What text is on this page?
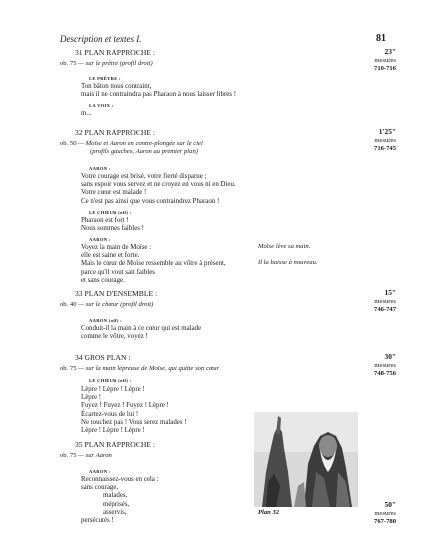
Description et textes I.	81
31 PLAN RAPPROCHE :
ob. 75 — sur le prêtre (profil droit)
23"
mesures
710-716
LE PRÊTRE :
Ton bâton nous contraint,
mais il ne contraindra pas Pharaon à nous laisser libres !
LA VOIX :
m...
32 PLAN RAPPROCHE :
ob. 50 — Moïse et Aaron en contre-plongée sur le ciel
(profils gauches, Aaron au premier plan)
1'25"
mesures
716-745
AARON :
Votre courage est brisé, votre fierté disparue ;
sans espoir vous servez et ne croyez en vous ni en Dieu.
Votre cœur est malade !
Ce n'est pas ainsi que vous contraindrez Pharaon !
LE CHŒUR (off) :
Pharaon est fort !
Nous sommes faibles !
AARON :
Voyez la main de Moïse :
elle est saine et forte.
Mais le cœur de Moïse ressemble au vôtre à présent,
parce qu'il vout sait faibles
et sans courage.
Moïse lève sa main.
Il la baisse à nouveau.
33 PLAN D'ENSEMBLE :
ob. 40 — sur le chœur (profil droit)
15"
mesures
746-747
AARON (off) :
Conduit-il la main à ce cœur qui est malade
comme le vôtre, voyez !
34 GROS PLAN :
ob. 75 — sur la main lépreuse de Moïse, qui quitte son cœur
30"
mesures
748-756
LE CHŒUR (off) :
Lèpre ! Lèpre ! Lèpre !
Lèpre !
Fuyez ! Fuyez ! Fuyez ! Lèpre !
Écartez-vous de lui !
Ne touchez pas ! Vous serez malades !
Lèpre ! Lèpre ! Lèpre !
35 PLAN RAPPROCHE :
ob. 75 — sur Aaron
AARON :
Reconnaissez-vous en cela :
sans courage,
malades,
méprisés,
asservis,
persécutés !
Plan 32
50"
mesures
767-780
